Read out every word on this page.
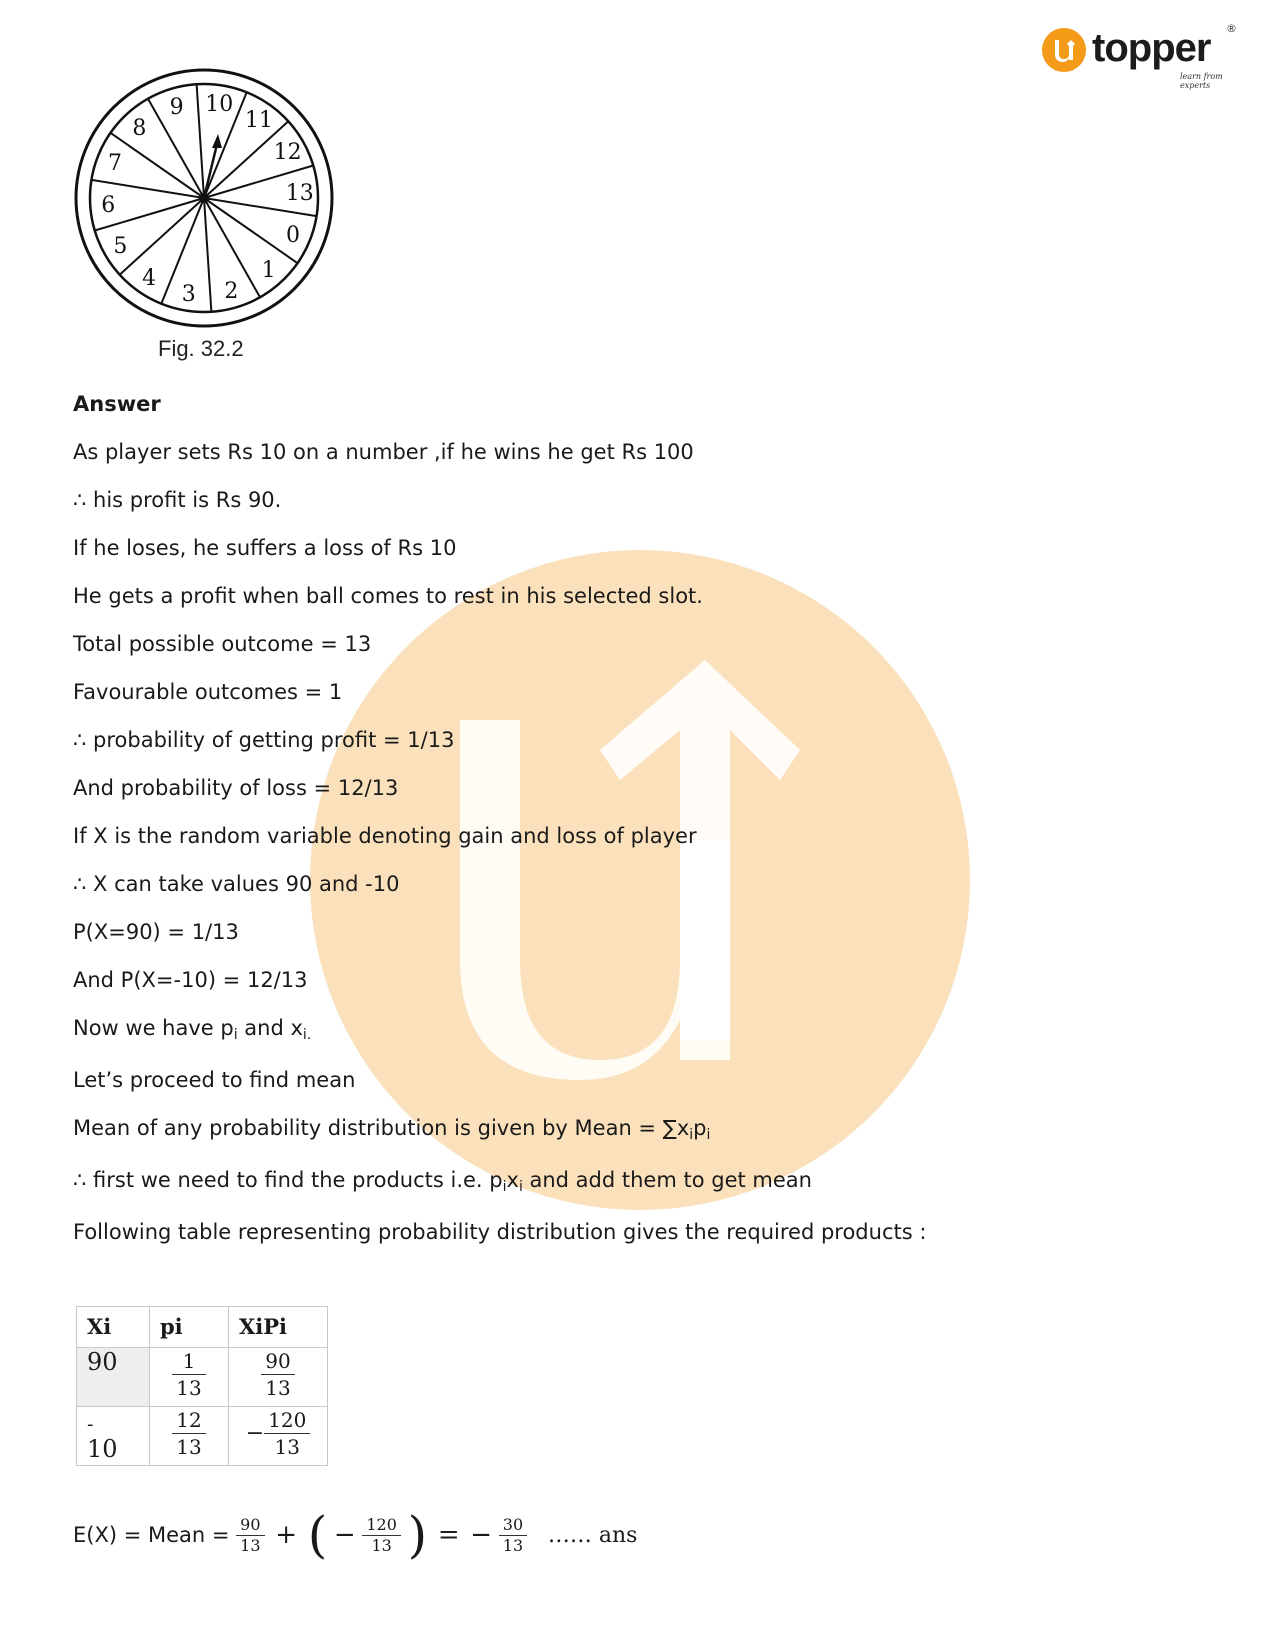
topper ®
learn from experts
0
1
2
3
4
5
6
7
8
9 10
11
12
13
Fig. 32.2
Answer
As player sets Rs 10 on a number ,if he wins he get Rs 100
∴ his profit is Rs 90.
If he loses, he suffers a loss of Rs 10
He gets a profit when ball comes to rest in his selected slot.
Total possible outcome = 13
Favourable outcomes = 1
∴ probability of getting profit = 1/13
And probability of loss = 12/13
If X is the random variable denoting gain and loss of player
∴ X can take values 90 and -10
P(X=90) = 1/13
And P(X=-10) = 12/13
Now we have $p_i$ and $x_{i.}$
Let’s proceed to find mean
Mean of any probability distribution is given by Mean = $\sum x_ip_i$
∴ first we need to find the products i.e. $p_ix_i$ and add them to get mean
Following table representing probability distribution gives the required products :
Xi	pi	XiPi
90	$\frac{1}{13}$	$\frac{90}{13}$

-
10	$\frac{12}{13}$	− $\frac{120}{13}$
E(X) = Mean = $\frac{90}{13}$ + ( − $\frac{120}{13}$ ) = − $\frac{30}{13}$ …… ans
